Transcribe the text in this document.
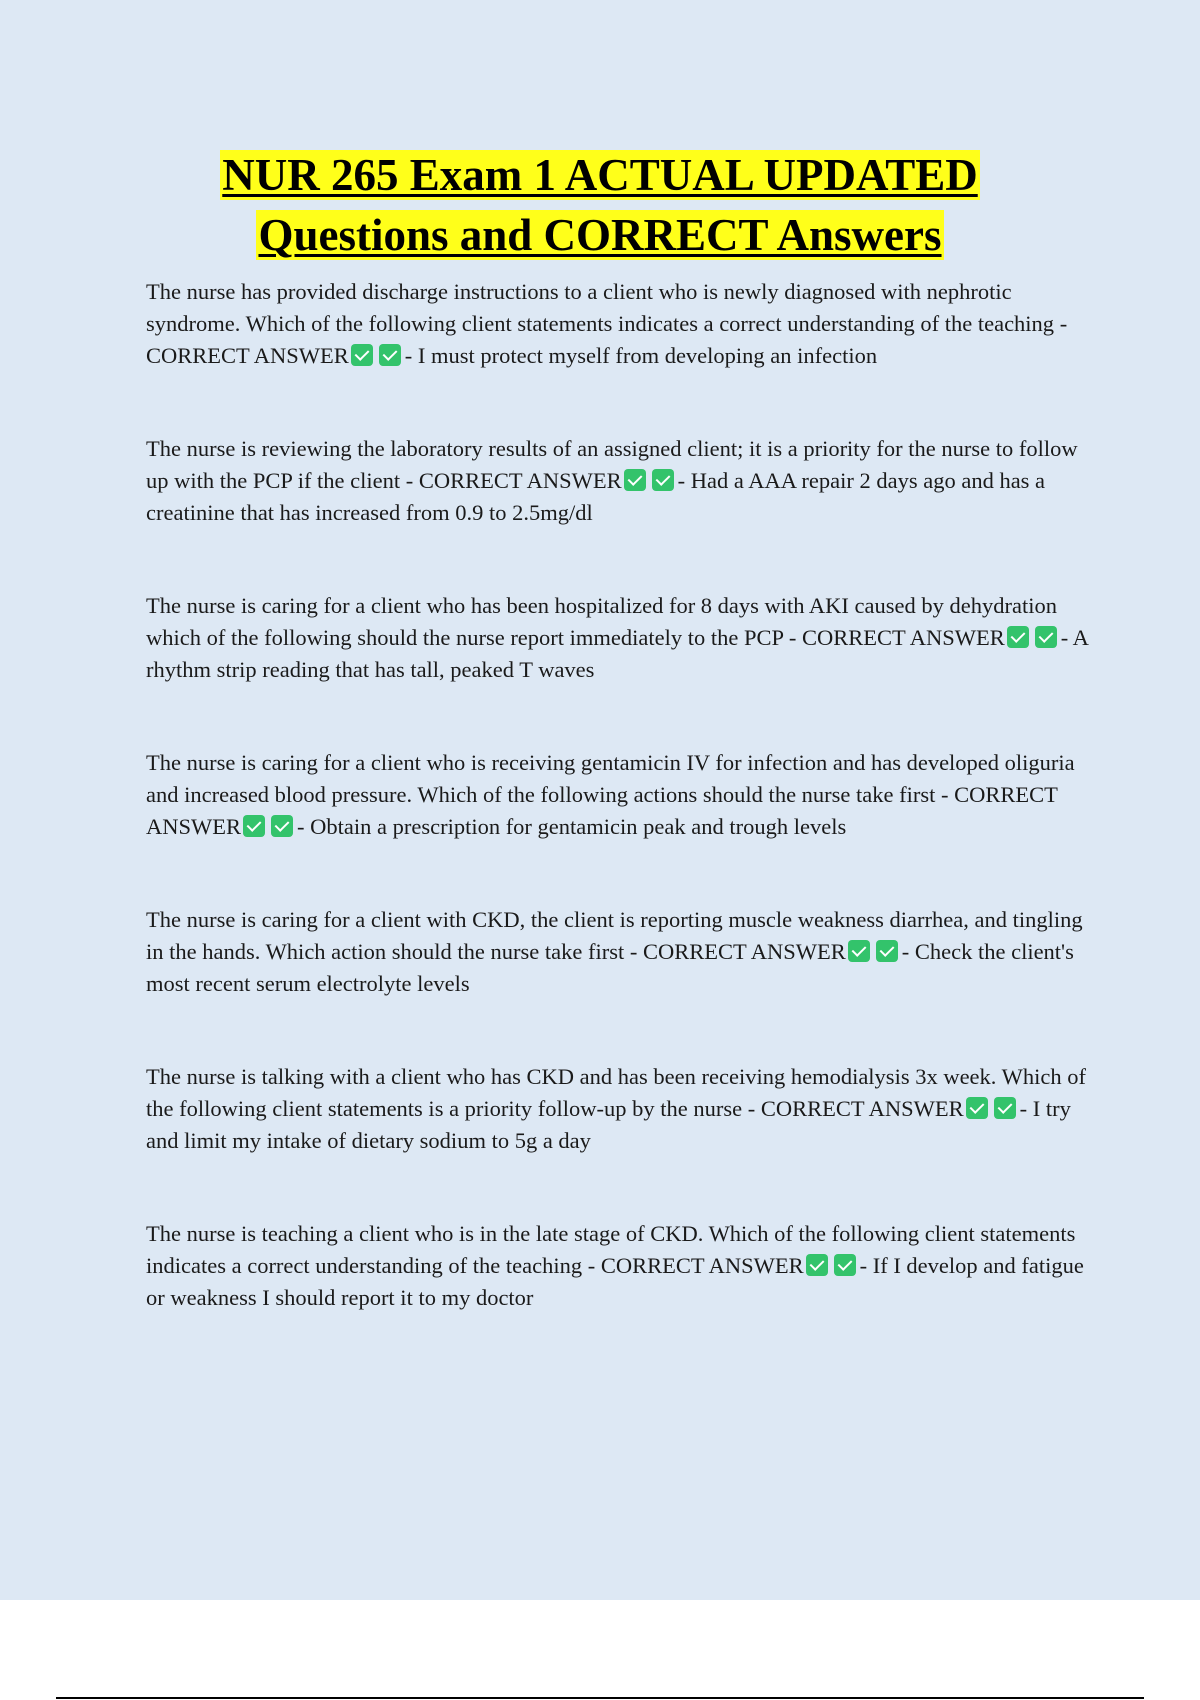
NUR 265 Exam 1 ACTUAL UPDATED
Questions and CORRECT Answers

The nurse has provided discharge instructions to a client who is newly diagnosed with nephrotic syndrome. Which of the following client statements indicates a correct understanding of the teaching - CORRECT ANSWER - I must protect myself from developing an infection

The nurse is reviewing the laboratory results of an assigned client; it is a priority for the nurse to follow up with the PCP if the client - CORRECT ANSWER - Had a AAA repair 2 days ago and has a creatinine that has increased from 0.9 to 2.5mg/dl

The nurse is caring for a client who has been hospitalized for 8 days with AKI caused by dehydration which of the following should the nurse report immediately to the PCP - CORRECT ANSWER - A rhythm strip reading that has tall, peaked T waves

The nurse is caring for a client who is receiving gentamicin IV for infection and has developed oliguria and increased blood pressure. Which of the following actions should the nurse take first - CORRECT ANSWER - Obtain a prescription for gentamicin peak and trough levels

The nurse is caring for a client with CKD, the client is reporting muscle weakness diarrhea, and tingling in the hands. Which action should the nurse take first - CORRECT ANSWER - Check the client's most recent serum electrolyte levels

The nurse is talking with a client who has CKD and has been receiving hemodialysis 3x week. Which of the following client statements is a priority follow-up by the nurse - CORRECT ANSWER - I try and limit my intake of dietary sodium to 5g a day

The nurse is teaching a client who is in the late stage of CKD. Which of the following client statements indicates a correct understanding of the teaching - CORRECT ANSWER - If I develop and fatigue or weakness I should report it to my doctor
